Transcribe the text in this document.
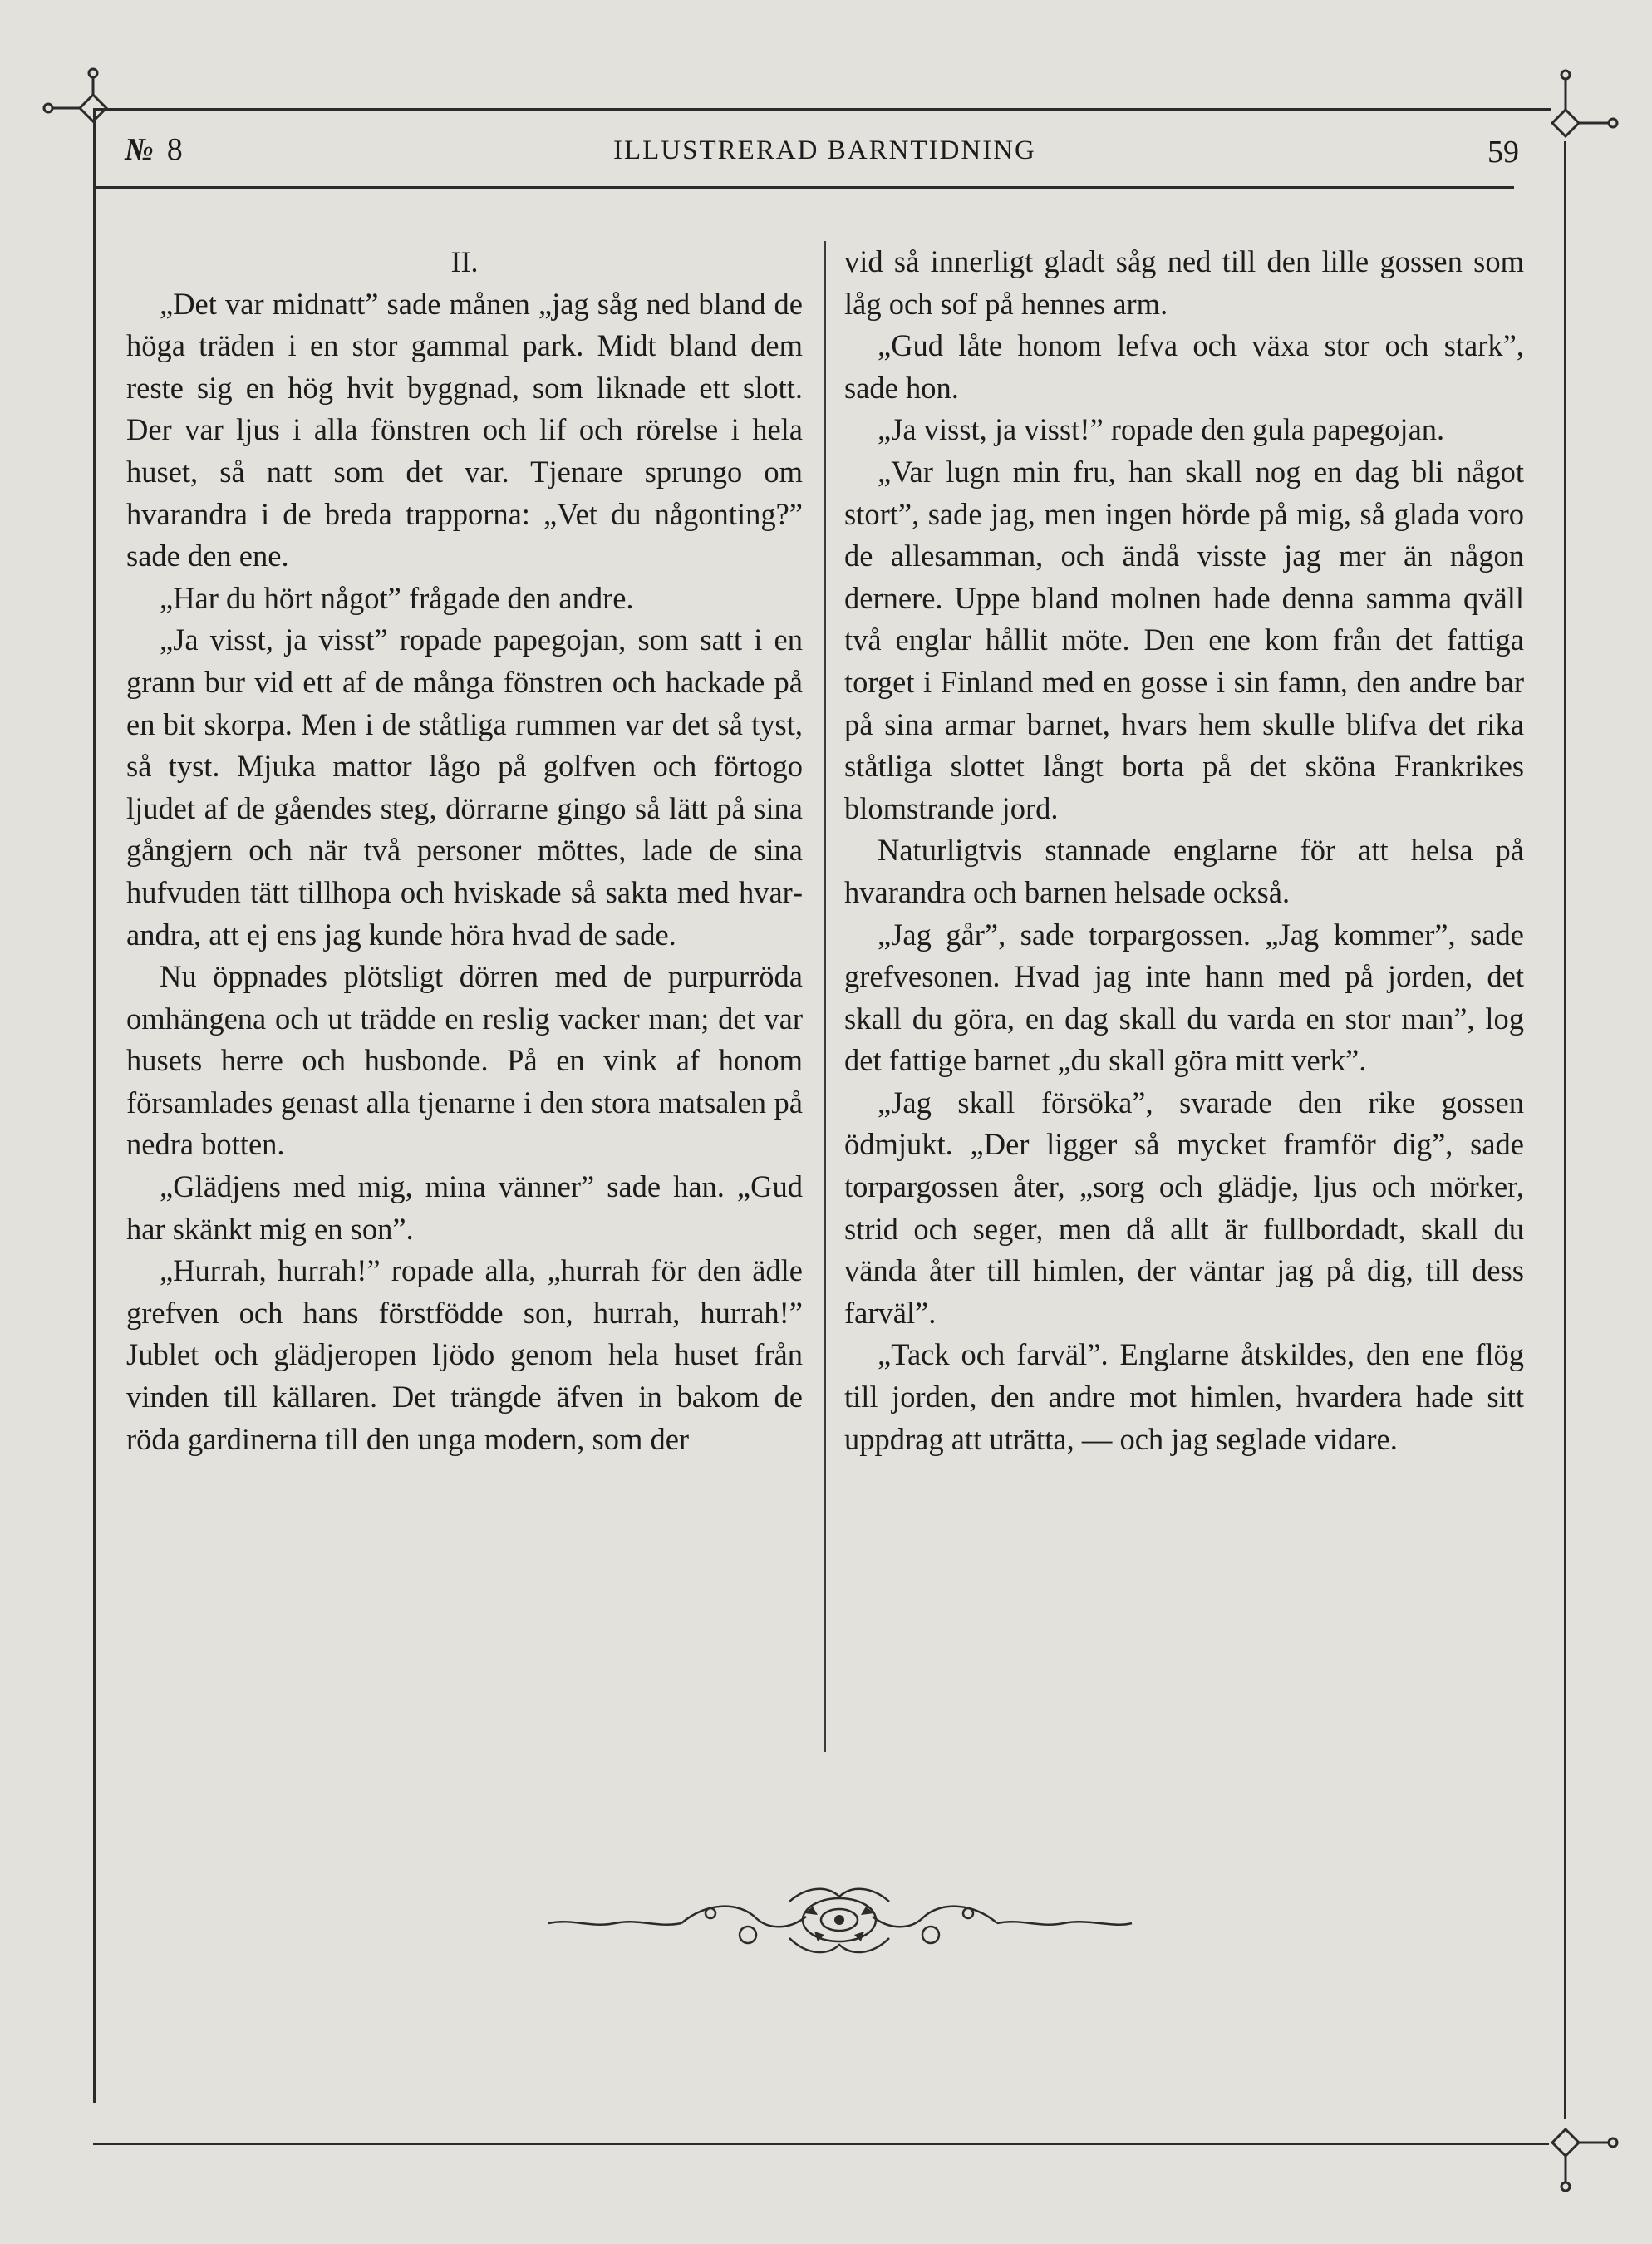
№ 8	ILLUSTRERAD BARNTIDNING	59

II.

„Det var midnatt” sade månen „jag såg ned bland de höga träden i en stor gammal park. Midt bland dem reste sig en hög hvit byggnad, som liknade ett slott. Der var ljus i alla fönstren och lif och rörelse i hela huset, så natt som det var. Tjenare sprungo om hvarandra i de breda trapporna: „Vet du någonting?” sade den ene.

„Har du hört något” frågade den andre.

„Ja visst, ja visst” ropade papegojan, som satt i en grann bur vid ett af de många fönstren och hackade på en bit skorpa. Men i de ståtliga rummen var det så tyst, så tyst. Mjuka mattor lågo på golfven och förtogo ljudet af de gåendes steg, dörrarne gingo så lätt på sina gångjern och när två personer möttes, lade de sina hufvuden tätt tillhopa och hviskade så sakta med hvarandra, att ej ens jag kunde höra hvad de sade.

Nu öppnades plötsligt dörren med de purpurröda omhängena och ut trädde en reslig vacker man; det var husets herre och husbonde. På en vink af honom församlades genast alla tjenarne i den stora matsalen på nedra botten.

„Glädjens med mig, mina vänner” sade han. „Gud har skänkt mig en son”.

„Hurrah, hurrah!” ropade alla, „hurrah för den ädle grefven och hans förstfödde son, hurrah, hurrah!” Jublet och glädjeropen ljödo genom hela huset från vinden till källaren. Det trängde äfven in bakom de röda gardinerna till den unga modern, som der

vid så innerligt gladt såg ned till den lille gossen som låg och sof på hennes arm.

„Gud låte honom lefva och växa stor och stark”, sade hon.

„Ja visst, ja visst!” ropade den gula papegojan.

„Var lugn min fru, han skall nog en dag bli något stort”, sade jag, men ingen hörde på mig, så glada voro de allesamman, och ändå visste jag mer än någon dernere. Uppe bland molnen hade denna samma qväll två englar hållit möte. Den ene kom från det fattiga torget i Finland med en gosse i sin famn, den andre bar på sina armar barnet, hvars hem skulle blifva det rika ståtliga slottet långt borta på det sköna Frankrikes blomstrande jord.

Naturligtvis stannade englarne för att helsa på hvarandra och barnen helsade också.

„Jag går”, sade torpargossen. „Jag kommer”, sade grefvesonen. Hvad jag inte hann med på jorden, det skall du göra, en dag skall du varda en stor man”, log det fattige barnet „du skall göra mitt verk”.

„Jag skall försöka”, svarade den rike gossen ödmjukt. „Der ligger så mycket framför dig”, sade torpargossen åter, „sorg och glädje, ljus och mörker, strid och seger, men då allt är fullbordadt, skall du vända åter till himlen, der väntar jag på dig, till dess farväl”.

„Tack och farväl”. Englarne åtskildes, den ene flög till jorden, den andre mot himlen, hvardera hade sitt uppdrag att uträtta, — och jag seglade vidare.
